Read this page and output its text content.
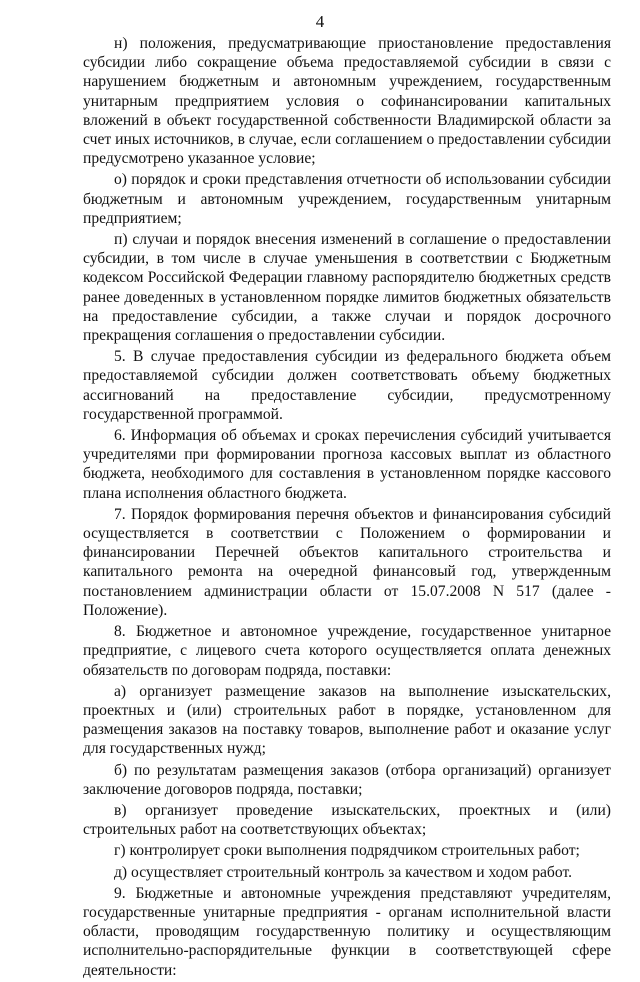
4

н) положения, предусматривающие приостановление предоставления субсидии либо сокращение объема предоставляемой субсидии в связи с нарушением бюджетным и автономным учреждением, государственным унитарным предприятием условия о софинансировании капитальных вложений в объект государственной собственности Владимирской области за счет иных источников, в случае, если соглашением о предоставлении субсидии предусмотрено указанное условие;

о) порядок и сроки представления отчетности об использовании субсидии бюджетным и автономным учреждением, государственным унитарным предприятием;

п) случаи и порядок внесения изменений в соглашение о предоставлении субсидии, в том числе в случае уменьшения в соответствии с Бюджетным кодексом Российской Федерации главному распорядителю бюджетных средств ранее доведенных в установленном порядке лимитов бюджетных обязательств на предоставление субсидии, а также случаи и порядок досрочного прекращения соглашения о предоставлении субсидии.

5. В случае предоставления субсидии из федерального бюджета объем предоставляемой субсидии должен соответствовать объему бюджетных ассигнований на предоставление субсидии, предусмотренному государственной программой.

6. Информация об объемах и сроках перечисления субсидий учитывается учредителями при формировании прогноза кассовых выплат из областного бюджета, необходимого для составления в установленном порядке кассового плана исполнения областного бюджета.

7. Порядок формирования перечня объектов и финансирования субсидий осуществляется в соответствии с Положением о формировании и финансировании Перечней объектов капитального строительства и капитального ремонта на очередной финансовый год, утвержденным постановлением администрации области от 15.07.2008 N 517 (далее - Положение).

8. Бюджетное и автономное учреждение, государственное унитарное предприятие, с лицевого счета которого осуществляется оплата денежных обязательств по договорам подряда, поставки:

а) организует размещение заказов на выполнение изыскательских, проектных и (или) строительных работ в порядке, установленном для размещения заказов на поставку товаров, выполнение работ и оказание услуг для государственных нужд;

б) по результатам размещения заказов (отбора организаций) организует заключение договоров подряда, поставки;

в) организует проведение изыскательских, проектных и (или) строительных работ на соответствующих объектах;

г) контролирует сроки выполнения подрядчиком строительных работ;

д) осуществляет строительный контроль за качеством и ходом работ.

9. Бюджетные и автономные учреждения представляют учредителям, государственные унитарные предприятия - органам исполнительной власти области, проводящим государственную политику и осуществляющим исполнительно-распорядительные функции в соответствующей сфере деятельности:
